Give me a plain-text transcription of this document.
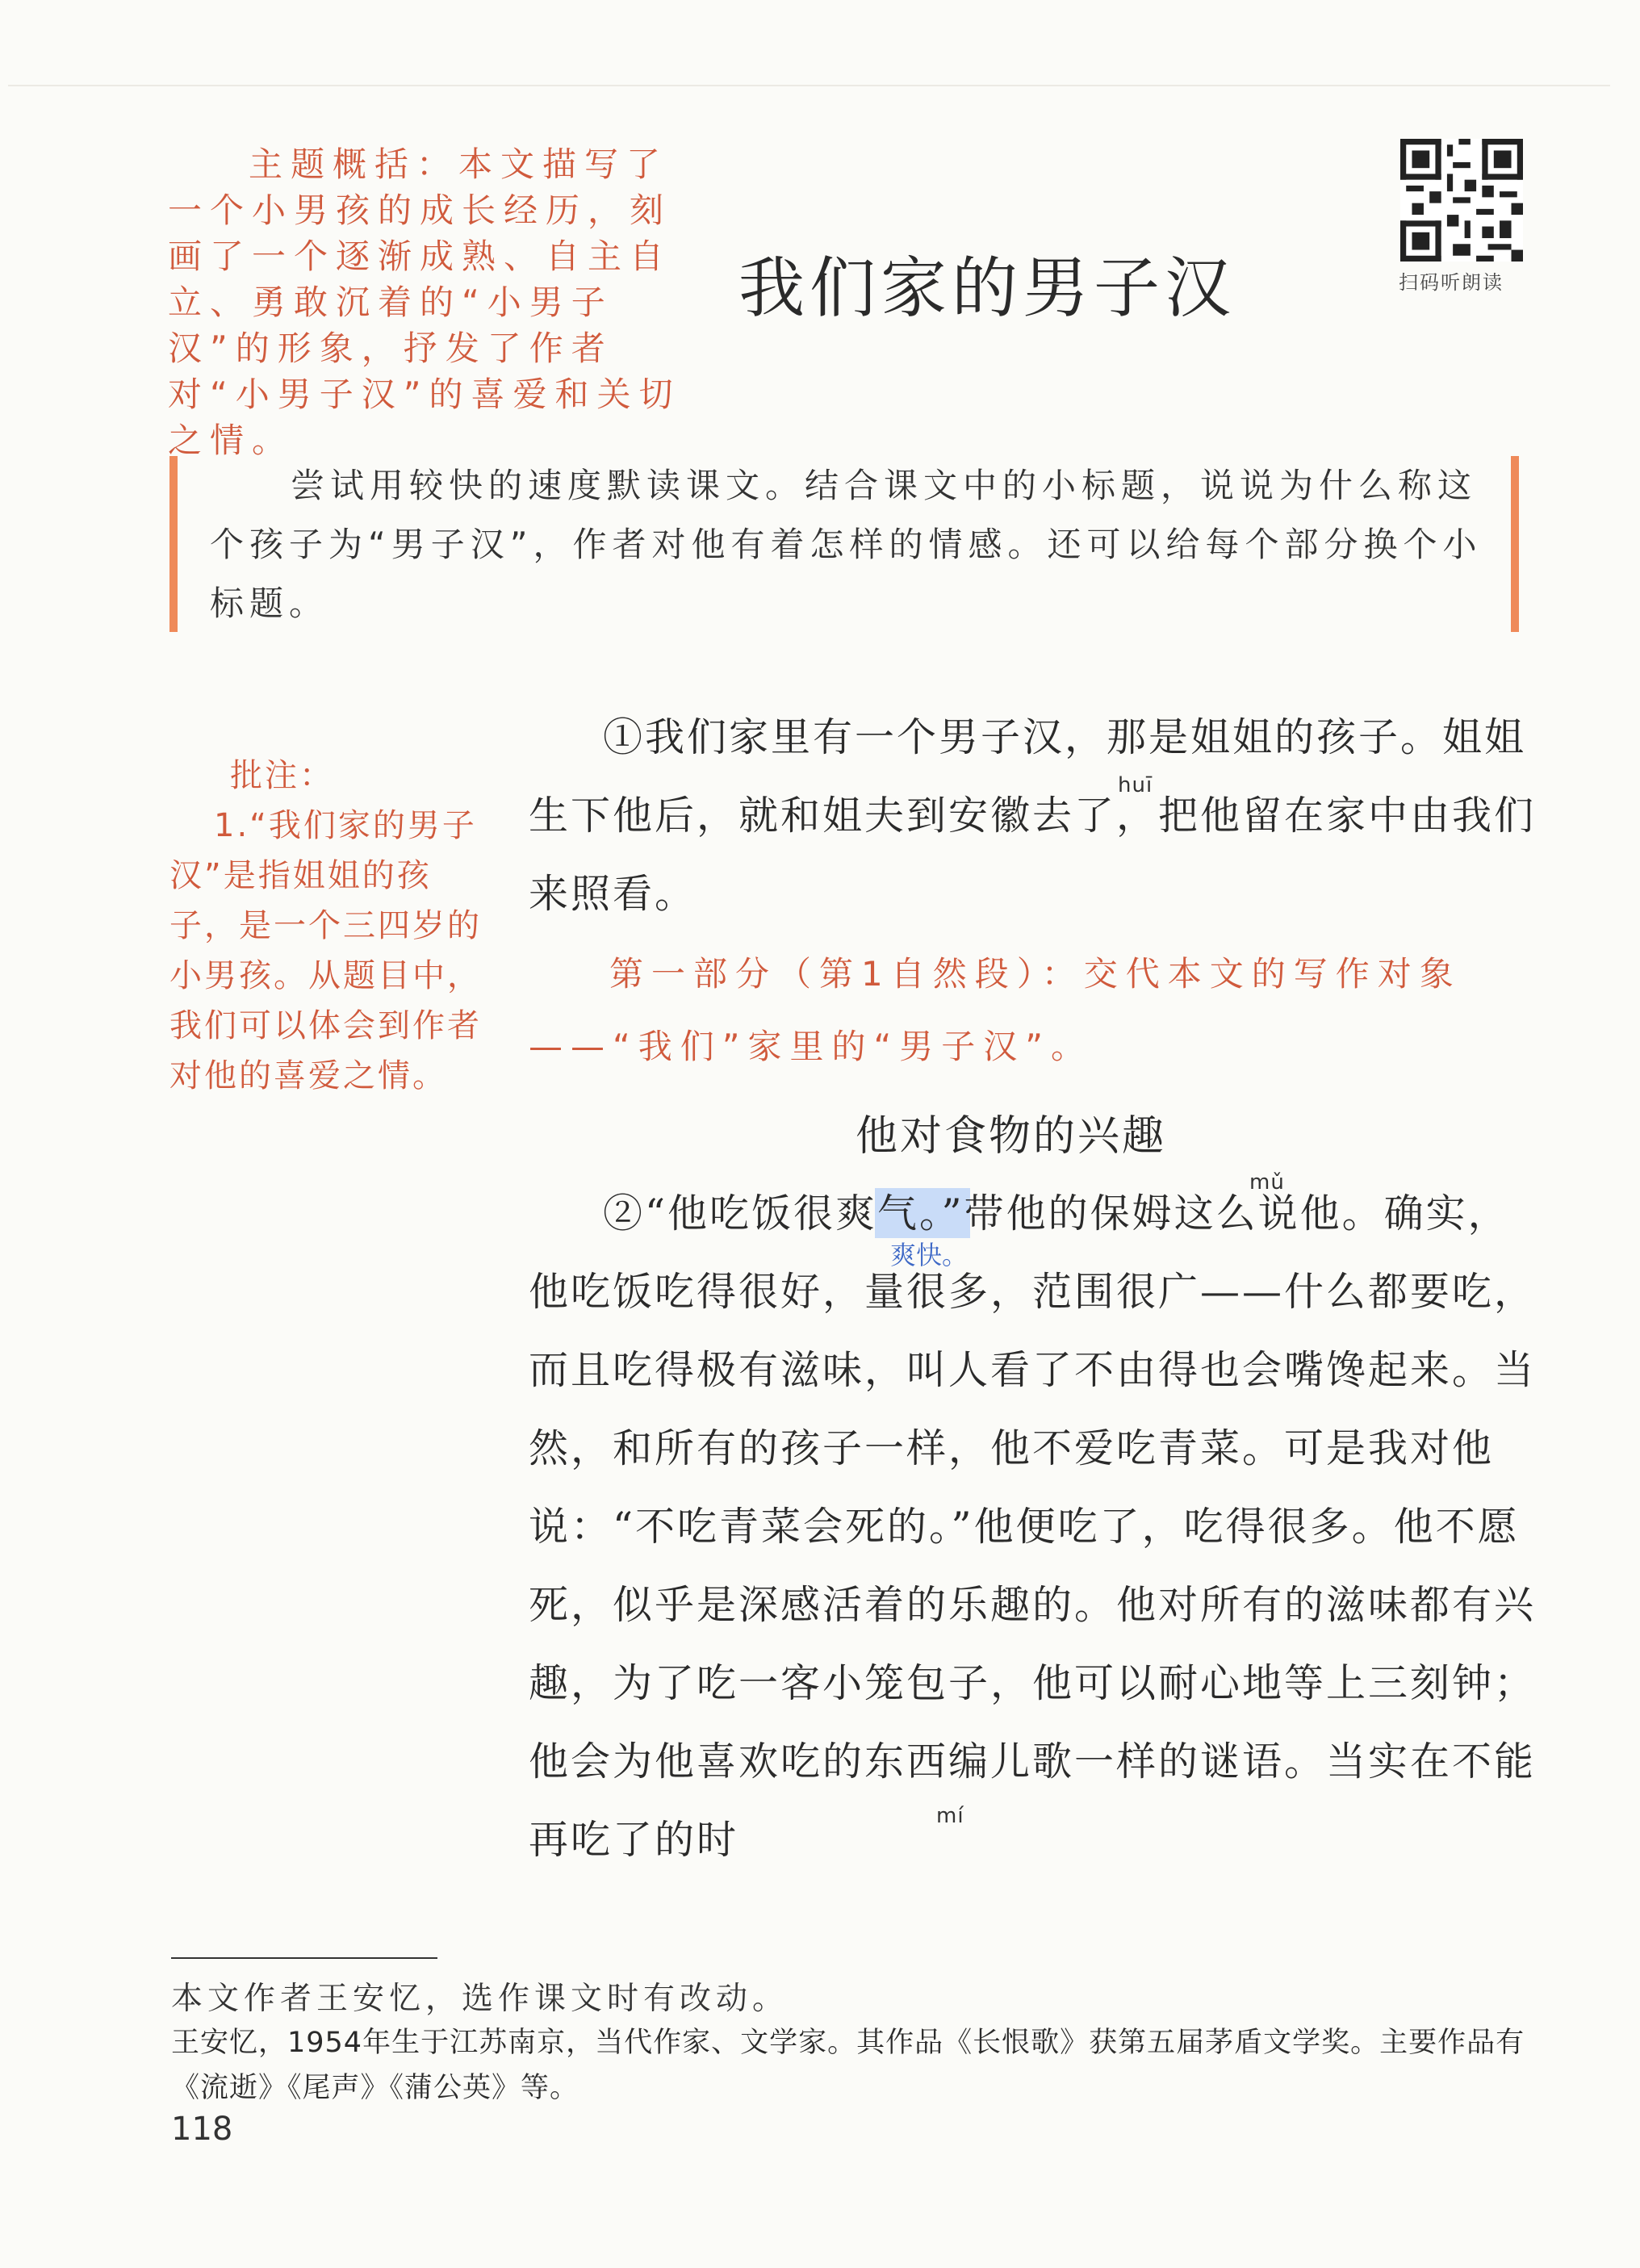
主题概括：本文描写了一个小男孩的成长经历，刻画了一个逐渐成熟、自主自立、勇敢沉着的“小男子汉”的形象，抒发了作者对“小男子汉”的喜爱和关切之情。
我们家的男子汉	扫码听朗读
尝试用较快的速度默读课文。结合课文中的小标题，说说为什么称这个孩子为“男子汉”，作者对他有着怎样的情感。还可以给每个部分换个小标题。
批注：
1.“我们家的男子汉”是指姐姐的孩子，是一个三四岁的小男孩。从题目中，我们可以体会到作者对他的喜爱之情。
huī
①我们家里有一个男子汉，那是姐姐的孩子。姐姐生下他后，就和姐夫到安徽去了，把他留在家中由我们来照看。
第一部分（第1自然段）：交代本文的写作对象——“我们”家里的“男子汉”。
他对食物的兴趣
mǔ
②“他吃饭很爽气。”带他的保姆这么说他。确实，他吃饭吃得很好，量很多，范围很广——什么都要吃，而且吃得极有滋味，叫人看了不由得也会嘴馋起来。当然，和所有的孩子一样，他不爱吃青菜。可是我对他说：“不吃青菜会死的。”他便吃了，吃得很多。他不愿死，似乎是深感活着的乐趣的。他对所有的滋味都有兴趣，为了吃一客小笼包子，他可以耐心地等上三刻钟；他会为他喜欢吃的东西编儿歌一样的谜语。当实在不能再吃了的时
爽快。
mí
本文作者王安忆，选作课文时有改动。
王安忆，1954年生于江苏南京，当代作家、文学家。其作品《长恨歌》获第五届茅盾文学奖。主要作品有《流逝》《尾声》《蒲公英》等。
118
